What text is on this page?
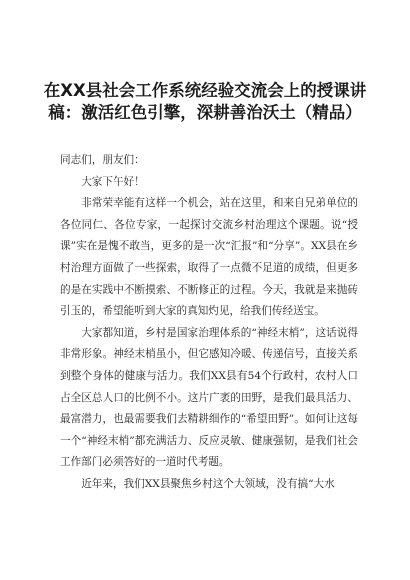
在XX县社会工作系统经验交流会上的授课讲稿：激活红色引擎，深耕善治沃土（精品）

同志们，朋友们：

大家下午好！

非常荣幸能有这样一个机会，站在这里，和来自兄弟单位的各位同仁、各位专家，一起探讨交流乡村治理这个课题。说“授课”实在是愧不敢当，更多的是一次“汇报”和“分享”。XX县在乡村治理方面做了一些探索，取得了一点微不足道的成绩，但更多的是在实践中不断摸索、不断修正的过程。今天，我就是来抛砖引玉的，希望能听到大家的真知灼见，给我们传经送宝。

大家都知道，乡村是国家治理体系的“神经末梢”，这话说得非常形象。神经末梢虽小，但它感知冷暖、传递信号，直接关系到整个身体的健康与活力。我们XX县有54个行政村，农村人口占全区总人口的比例不小。这片广袤的田野，是我们最具活力、最富潜力，也最需要我们去精耕细作的“希望田野”。如何让这每一个“神经末梢”都充满活力、反应灵敏、健康强韧，是我们社会工作部门必须答好的一道时代考题。

近年来，我们XX县聚焦乡村这个大领域，没有搞“大水
